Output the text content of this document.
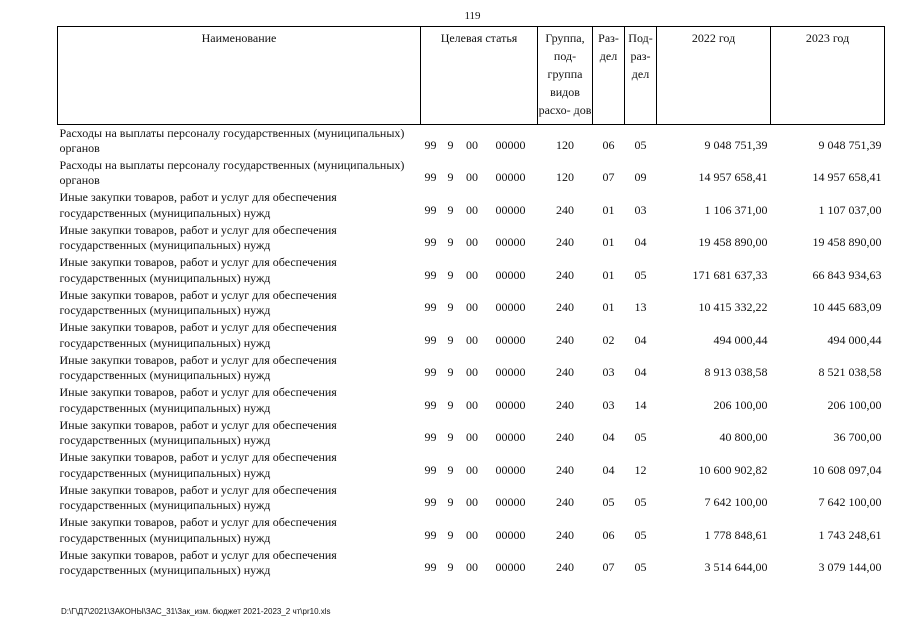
119
Наименование	Целевая статья				Группа, под- группа видов расхо- дов	Раз- дел	Под- раз- дел	2022 год	2023 год
Расходы на выплаты персоналу государственных (муниципальных) органов	99	9	00	00000	120	06	05	9 048 751,39	9 048 751,39
Расходы на выплаты персоналу государственных (муниципальных) органов	99	9	00	00000	120	07	09	14 957 658,41	14 957 658,41
Иные закупки товаров, работ и услуг для обеспечения государственных (муниципальных) нужд	99	9	00	00000	240	01	03	1 106 371,00	1 107 037,00
Иные закупки товаров, работ и услуг для обеспечения государственных (муниципальных) нужд	99	9	00	00000	240	01	04	19 458 890,00	19 458 890,00
Иные закупки товаров, работ и услуг для обеспечения государственных (муниципальных) нужд	99	9	00	00000	240	01	05	171 681 637,33	66 843 934,63
Иные закупки товаров, работ и услуг для обеспечения государственных (муниципальных) нужд	99	9	00	00000	240	01	13	10 415 332,22	10 445 683,09
Иные закупки товаров, работ и услуг для обеспечения государственных (муниципальных) нужд	99	9	00	00000	240	02	04	494 000,44	494 000,44
Иные закупки товаров, работ и услуг для обеспечения государственных (муниципальных) нужд	99	9	00	00000	240	03	04	8 913 038,58	8 521 038,58
Иные закупки товаров, работ и услуг для обеспечения государственных (муниципальных) нужд	99	9	00	00000	240	03	14	206 100,00	206 100,00
Иные закупки товаров, работ и услуг для обеспечения государственных (муниципальных) нужд	99	9	00	00000	240	04	05	40 800,00	36 700,00
Иные закупки товаров, работ и услуг для обеспечения государственных (муниципальных) нужд	99	9	00	00000	240	04	12	10 600 902,82	10 608 097,04
Иные закупки товаров, работ и услуг для обеспечения государственных (муниципальных) нужд	99	9	00	00000	240	05	05	7 642 100,00	7 642 100,00
Иные закупки товаров, работ и услуг для обеспечения государственных (муниципальных) нужд	99	9	00	00000	240	06	05	1 778 848,61	1 743 248,61
Иные закупки товаров, работ и услуг для обеспечения государственных (муниципальных) нужд	99	9	00	00000	240	07	05	3 514 644,00	3 079 144,00
D:\Г\Д7\2021\ЗАКОНЫ\ЗАС_31\Зак_изм. бюджет 2021-2023_2 чт\pr10.xls
